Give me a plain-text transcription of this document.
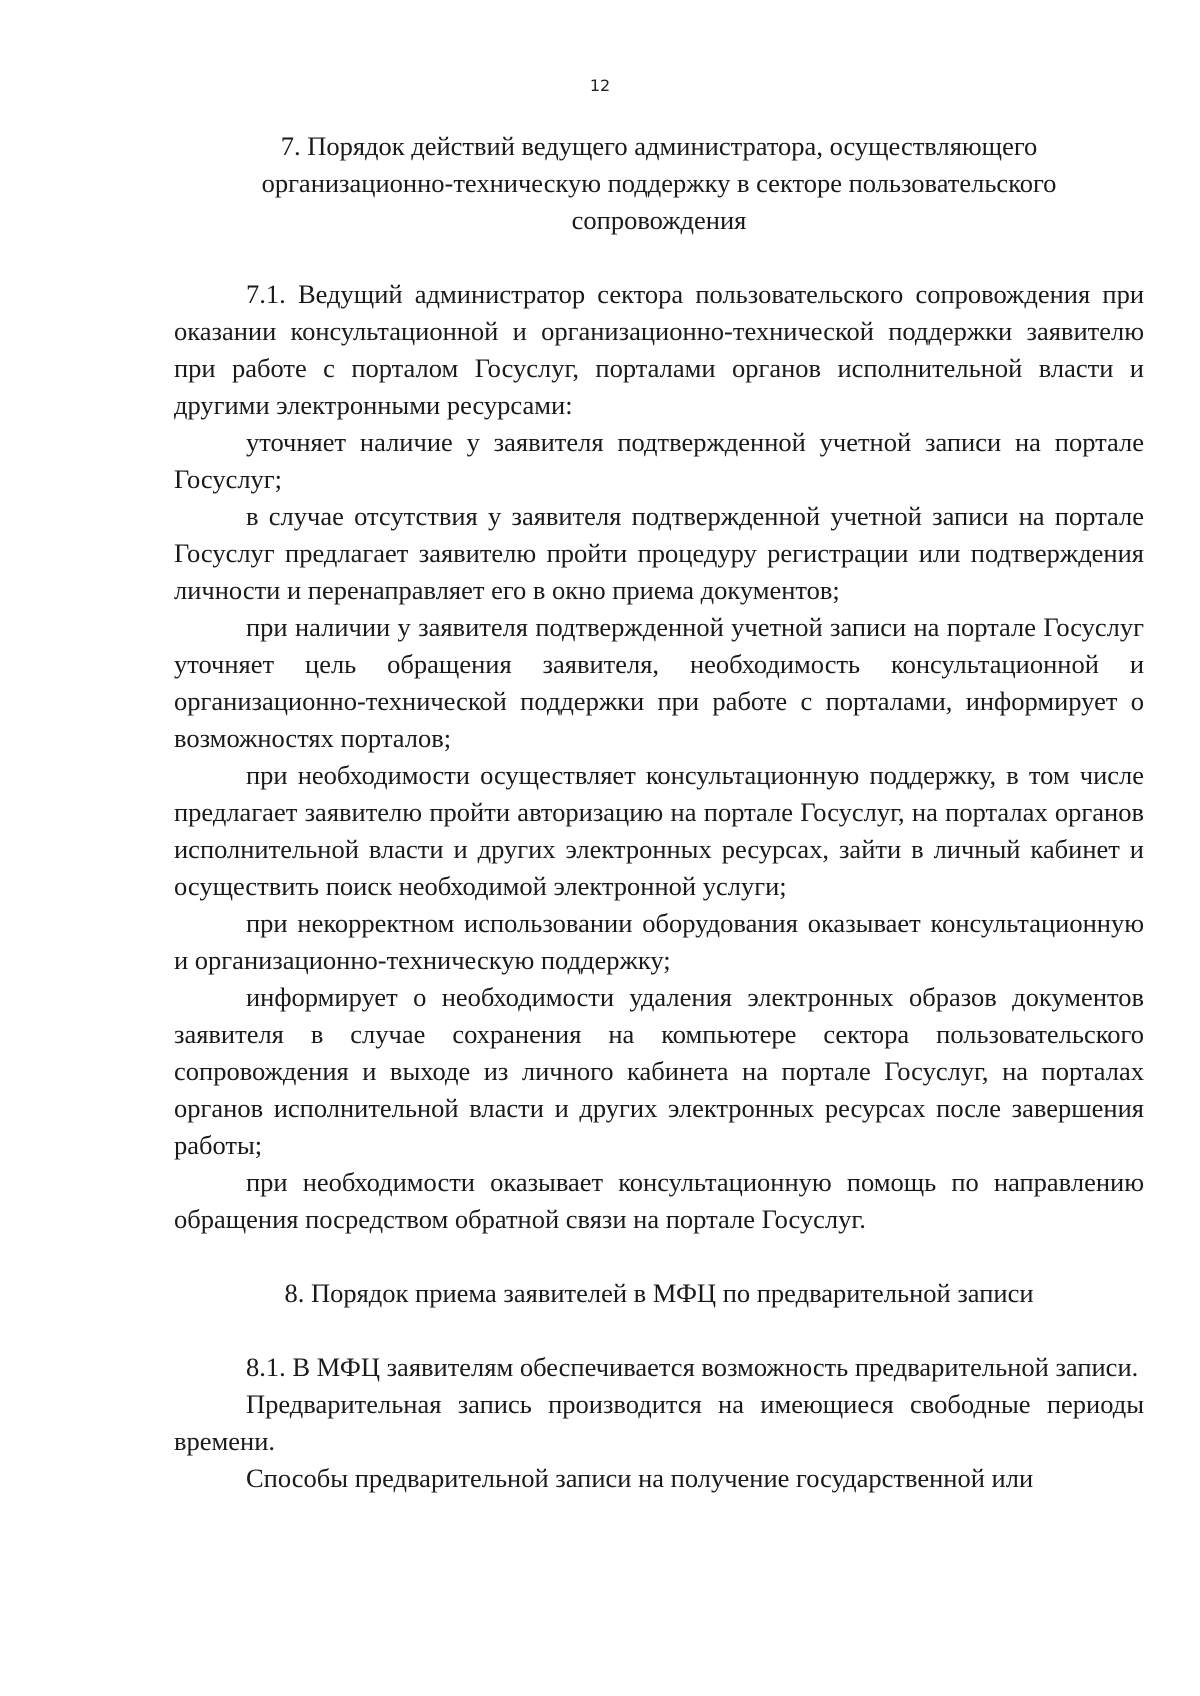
12
7. Порядок действий ведущего администратора, осуществляющего
организационно-техническую поддержку в секторе пользовательского
сопровождения

7.1. Ведущий администратор сектора пользовательского сопровождения при оказании консультационной и организационно-технической поддержки заявителю при работе с порталом Госуслуг, порталами органов исполнительной власти и другими электронными ресурсами:

уточняет наличие у заявителя подтвержденной учетной записи на портале Госуслуг;

в случае отсутствия у заявителя подтвержденной учетной записи на портале Госуслуг предлагает заявителю пройти процедуру регистрации или подтверждения личности и перенаправляет его в окно приема документов;

при наличии у заявителя подтвержденной учетной записи на портале Госуслуг уточняет цель обращения заявителя, необходимость консультационной и организационно-технической поддержки при работе с порталами, информирует о возможностях порталов;

при необходимости осуществляет консультационную поддержку, в том числе предлагает заявителю пройти авторизацию на портале Госуслуг, на порталах органов исполнительной власти и других электронных ресурсах, зайти в личный кабинет и осуществить поиск необходимой электронной услуги;

при некорректном использовании оборудования оказывает консультационную и организационно-техническую поддержку;

информирует о необходимости удаления электронных образов документов заявителя в случае сохранения на компьютере сектора пользовательского сопровождения и выходе из личного кабинета на портале Госуслуг, на порталах органов исполнительной власти и других электронных ресурсах после завершения работы;

при необходимости оказывает консультационную помощь по направлению обращения посредством обратной связи на портале Госуслуг.

8. Порядок приема заявителей в МФЦ по предварительной записи

8.1. В МФЦ заявителям обеспечивается возможность предварительной записи.

Предварительная запись производится на имеющиеся свободные периоды времени.

Способы предварительной записи на получение государственной или
